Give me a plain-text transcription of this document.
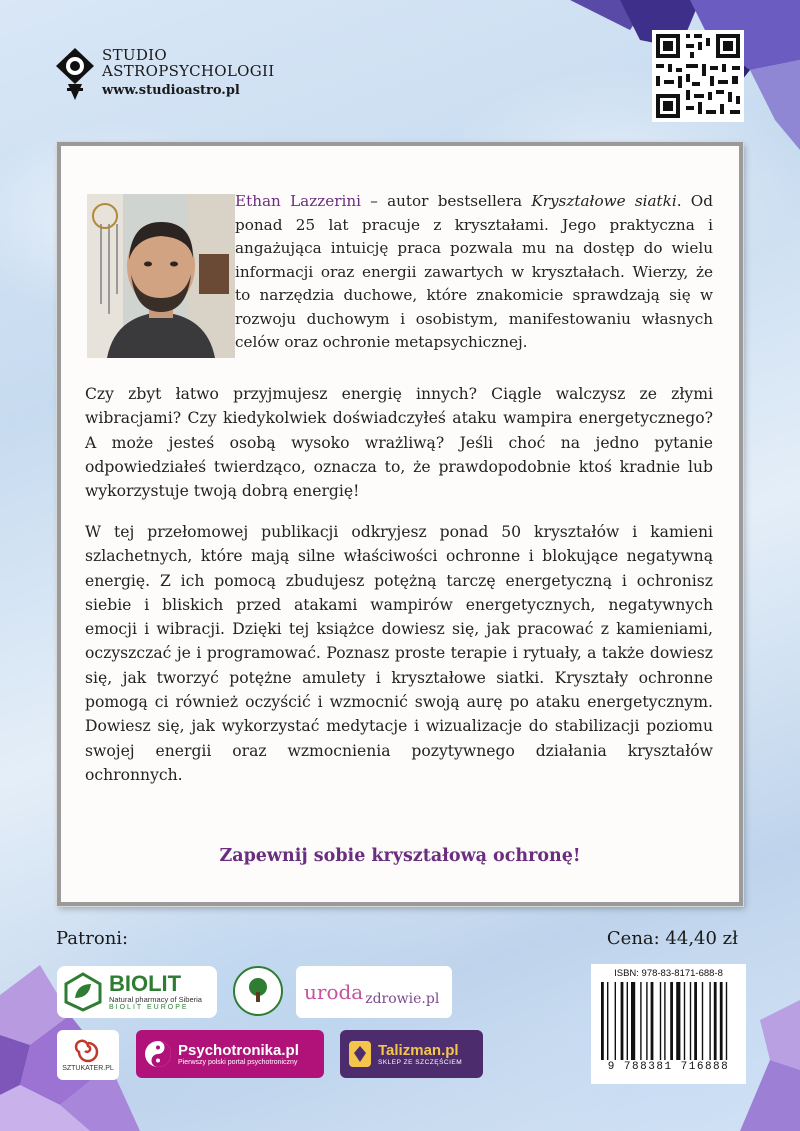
STUDIO
ASTROPSYCHOLOGII
www.studioastro.pl
Ethan Lazzerini – autor bestsellera Kryształowe siatki. Od ponad 25 lat pracuje z kryształami. Jego praktyczna i angażująca intuicję praca pozwala mu na dostęp do wielu informacji oraz energii zawartych w kryształach. Wierzy, że to narzędzia duchowe, które znakomicie sprawdzają się w rozwoju duchowym i osobistym, manifestowaniu własnych celów oraz ochronie metapsychicznej.

Czy zbyt łatwo przyjmujesz energię innych? Ciągle walczysz ze złymi wibracjami? Czy kiedykolwiek doświadczyłeś ataku wampira energetycznego? A może jesteś osobą wysoko wrażliwą? Jeśli choć na jedno pytanie odpowiedziałeś twierdząco, oznacza to, że prawdopodobnie ktoś kradnie lub wykorzystuje twoją dobrą energię!

W tej przełomowej publikacji odkryjesz ponad 50 kryształów i kamieni szlachetnych, które mają silne właściwości ochronne i blokujące negatywną energię. Z ich pomocą zbudujesz potężną tarczę energetyczną i ochronisz siebie i bliskich przed atakami wampirów energetycznych, negatywnych emocji i wibracji. Dzięki tej książce dowiesz się, jak pracować z kamieniami, oczyszczać je i programować. Poznasz proste terapie i rytuały, a także dowiesz się, jak tworzyć potężne amulety i kryształowe siatki. Kryształy ochronne pomogą ci również oczyścić i wzmocnić swoją aurę po ataku energetycznym. Dowiesz się, jak wykorzystać medytacje i wizualizacje do stabilizacji poziomu swojej energii oraz wzmocnienia pozytywnego działania kryształów ochronnych.

Zapewnij sobie kryształową ochronę!
Patroni:	Cena: 44,40 zł
ISBN: 978-83-8171-688-8
9 788381 716888
BIOLIT
Natural pharmacy of Siberia
BIOLIT EUROPE
uroda zdrowie.pl
SZTUKATER.PL
Psychotronika.pl
Pierwszy polski portal psychotroniczny
Talizman.pl
SKLEP ZE SZCZĘŚCIEM
